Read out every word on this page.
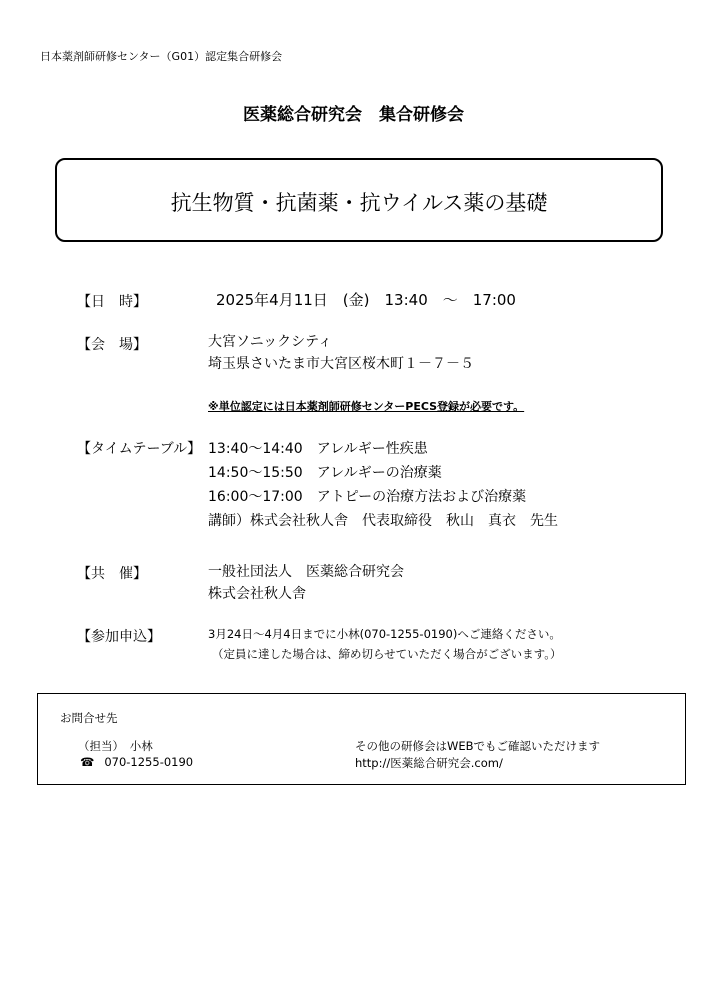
日本薬剤師研修センター（G01）認定集合研修会
医薬総合研究会　集合研修会
抗生物質・抗菌薬・抗ウイルス薬の基礎
【日　時】	2025年4月11日　(金)　13:40　～　17:00
【会　場】	大宮ソニックシティ
埼玉県さいたま市大宮区桜木町１－７－５
※単位認定には日本薬剤師研修センターPECS登録が必要です。
【タイムテーブル】 13:40～14:40　アレルギー性疾患
14:50～15:50　アレルギーの治療薬
16:00～17:00　アトピーの治療方法および治療薬
講師）株式会社秋人舎　代表取締役　秋山　真衣　先生
【共　催】	一般社団法人　医薬総合研究会
株式会社秋人舎
【参加申込】	3月24日～4月4日までに小林(070-1255-0190)へご連絡ください。
（定員に達した場合は、締め切らせていただく場合がございます。）
お問合せ先
（担当）　小林
☎ 070-1255-0190
その他の研修会はWEBでもご確認いただけます
http://医薬総合研究会.com/
